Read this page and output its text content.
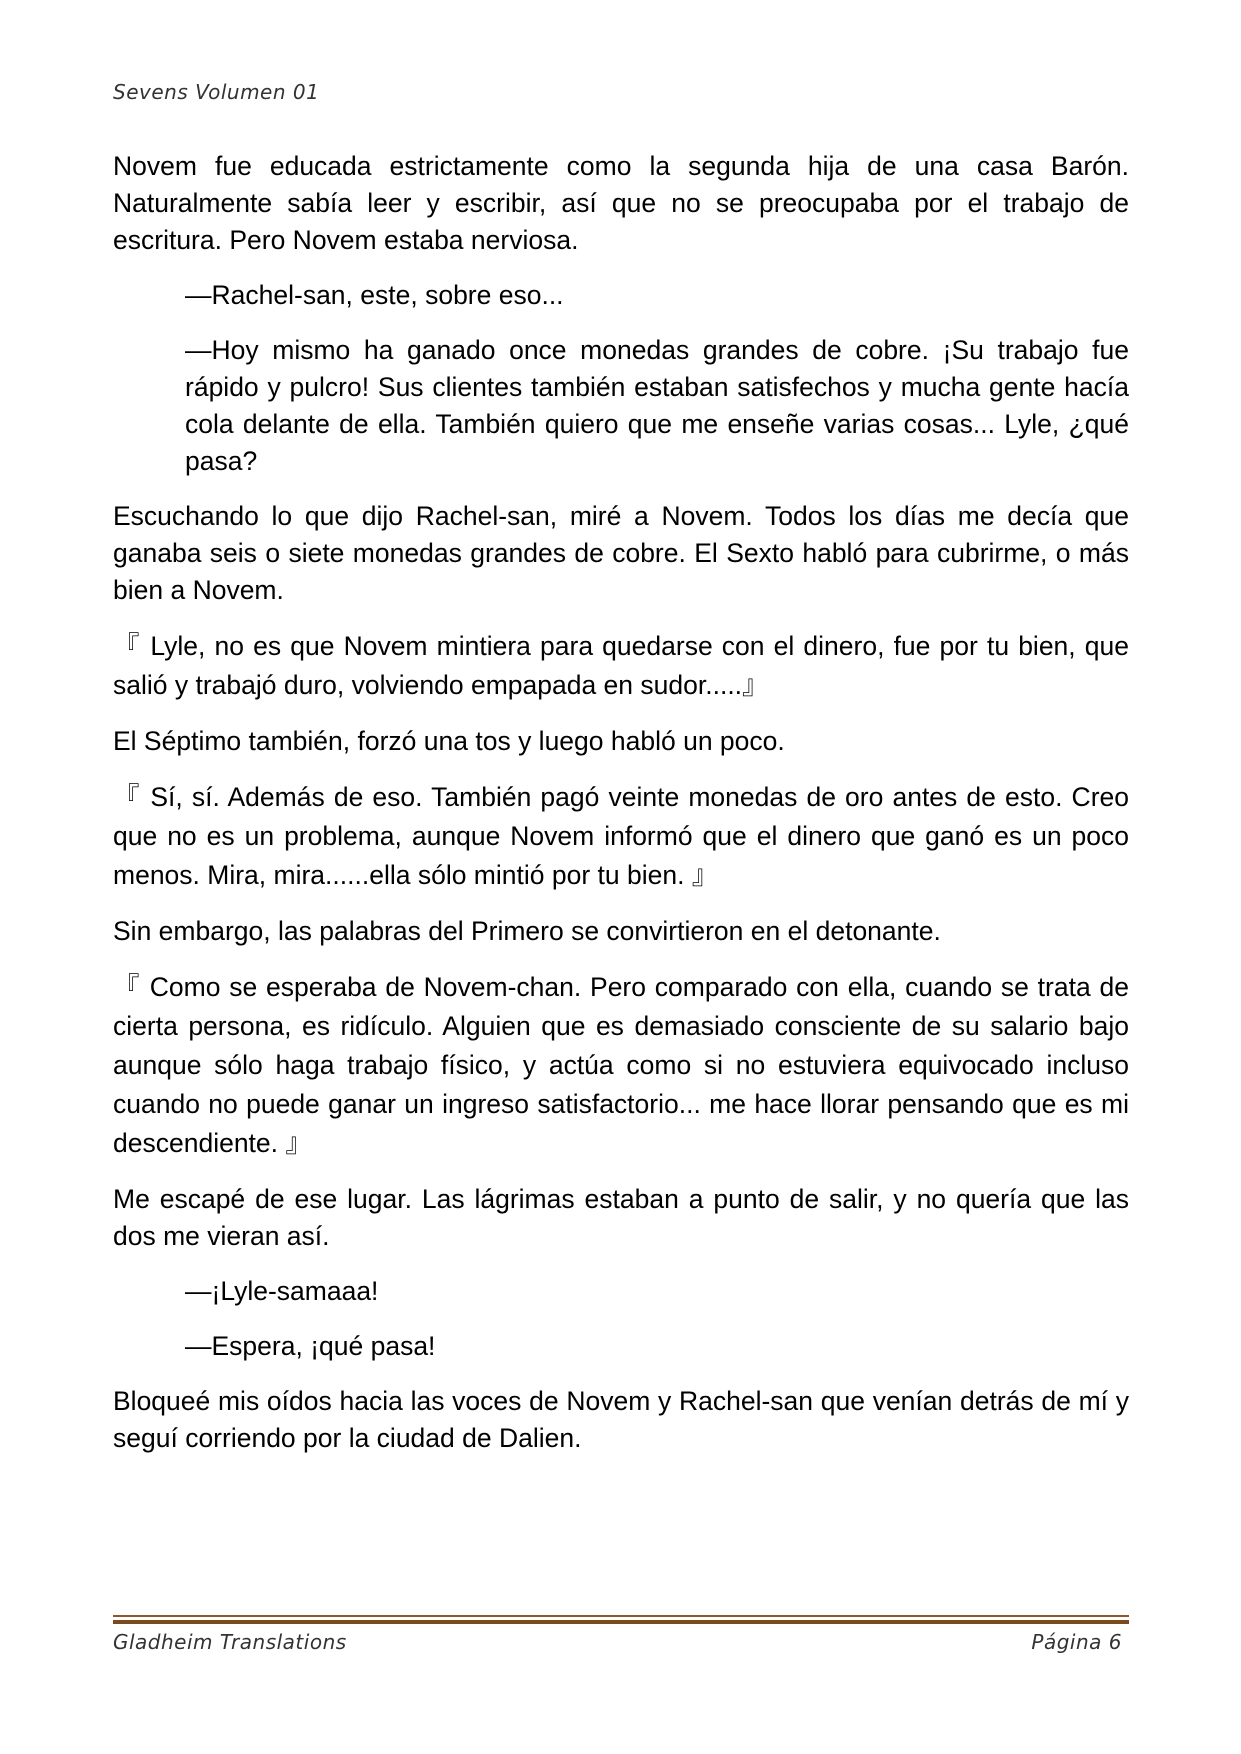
Sevens Volumen 01

Novem fue educada estrictamente como la segunda hija de una casa Barón. Naturalmente sabía leer y escribir, así que no se preocupaba por el trabajo de escritura. Pero Novem estaba nerviosa.

—Rachel-san, este, sobre eso...

—Hoy mismo ha ganado once monedas grandes de cobre. ¡Su trabajo fue rápido y pulcro! Sus clientes también estaban satisfechos y mucha gente hacía cola delante de ella. También quiero que me enseñe varias cosas... Lyle, ¿qué pasa?

Escuchando lo que dijo Rachel-san, miré a Novem. Todos los días me decía que ganaba seis o siete monedas grandes de cobre. El Sexto habló para cubrirme, o más bien a Novem.

『 Lyle, no es que Novem mintiera para quedarse con el dinero, fue por tu bien, que salió y trabajó duro, volviendo empapada en sudor.....』

El Séptimo también, forzó una tos y luego habló un poco.

『 Sí, sí. Además de eso. También pagó veinte monedas de oro antes de esto. Creo que no es un problema, aunque Novem informó que el dinero que ganó es un poco menos. Mira, mira......ella sólo mintió por tu bien. 』

Sin embargo, las palabras del Primero se convirtieron en el detonante.

『 Como se esperaba de Novem-chan. Pero comparado con ella, cuando se trata de cierta persona, es ridículo. Alguien que es demasiado consciente de su salario bajo aunque sólo haga trabajo físico, y actúa como si no estuviera equivocado incluso cuando no puede ganar un ingreso satisfactorio... me hace llorar pensando que es mi descendiente. 』

Me escapé de ese lugar. Las lágrimas estaban a punto de salir, y no quería que las dos me vieran así.

—¡Lyle-samaaa!

—Espera, ¡qué pasa!

Bloqueé mis oídos hacia las voces de Novem y Rachel-san que venían detrás de mí y seguí corriendo por la ciudad de Dalien.

Gladheim Translations	Página 6
